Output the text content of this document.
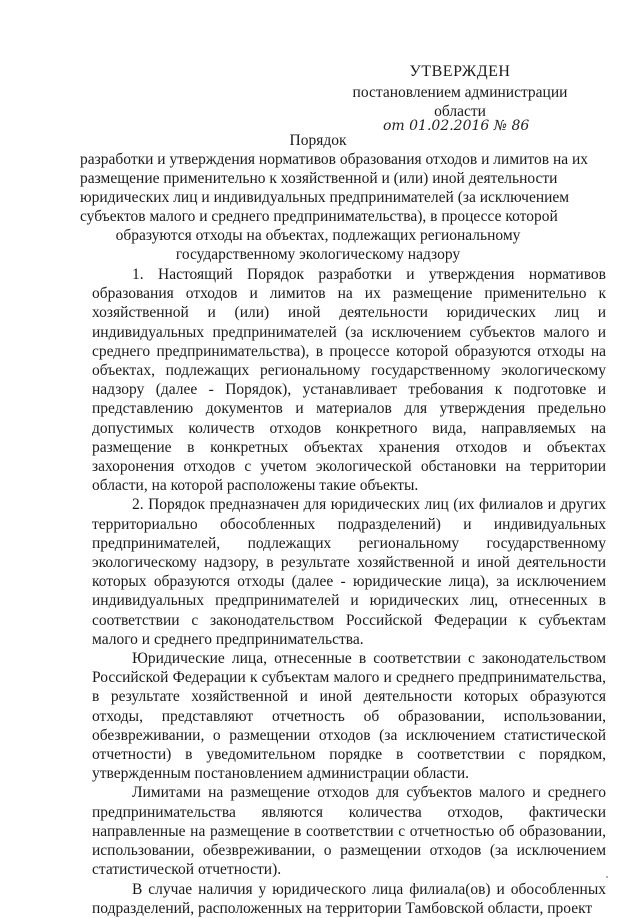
УТВЕРЖДЕН
постановлением администрации области
от 01.02.2016 № 86
Порядок
разработки и утверждения нормативов образования отходов и лимитов на их
размещение применительно к хозяйственной и (или) иной деятельности
юридических лиц и индивидуальных предпринимателей (за исключением
субъектов малого и среднего предпринимательства), в процессе которой
образуются отходы на объектах, подлежащих региональному
государственному экологическому надзору
1. Настоящий Порядок разработки и утверждения нормативов
образования отходов и лимитов на их размещение применительно к
хозяйственной и (или) иной деятельности юридических лиц и
индивидуальных предпринимателей (за исключением субъектов малого и
среднего предпринимательства), в процессе которой образуются отходы на
объектах, подлежащих региональному государственному экологическому
надзору (далее - Порядок), устанавливает требования к подготовке и
представлению документов и материалов для утверждения предельно
допустимых количеств отходов конкретного вида, направляемых на
размещение в конкретных объектах хранения отходов и объектах
захоронения отходов с учетом экологической обстановки на территории
области, на которой расположены такие объекты.
2. Порядок предназначен для юридических лиц (их филиалов и других
территориально обособленных подразделений) и индивидуальных
предпринимателей, подлежащих региональному государственному
экологическому надзору, в результате хозяйственной и иной деятельности
которых образуются отходы (далее - юридические лица), за исключением
индивидуальных предпринимателей и юридических лиц, отнесенных в
соответствии с законодательством Российской Федерации к субъектам
малого и среднего предпринимательства.
Юридические лица, отнесенные в соответствии с законодательством
Российской Федерации к субъектам малого и среднего предпринимательства,
в результате хозяйственной и иной деятельности которых образуются
отходы, представляют отчетность об образовании, использовании,
обезвреживании, о размещении отходов (за исключением статистической
отчетности) в уведомительном порядке в соответствии с порядком,
утвержденным постановлением администрации области.
Лимитами на размещение отходов для субъектов малого и среднего
предпринимательства являются количества отходов, фактически
направленные на размещение в соответствии с отчетностью об образовании,
использовании, обезвреживании, о размещении отходов (за исключением
статистической отчетности).
В случае наличия у юридического лица филиала(ов) и обособленных
подразделений, расположенных на территории Тамбовской области, проект
